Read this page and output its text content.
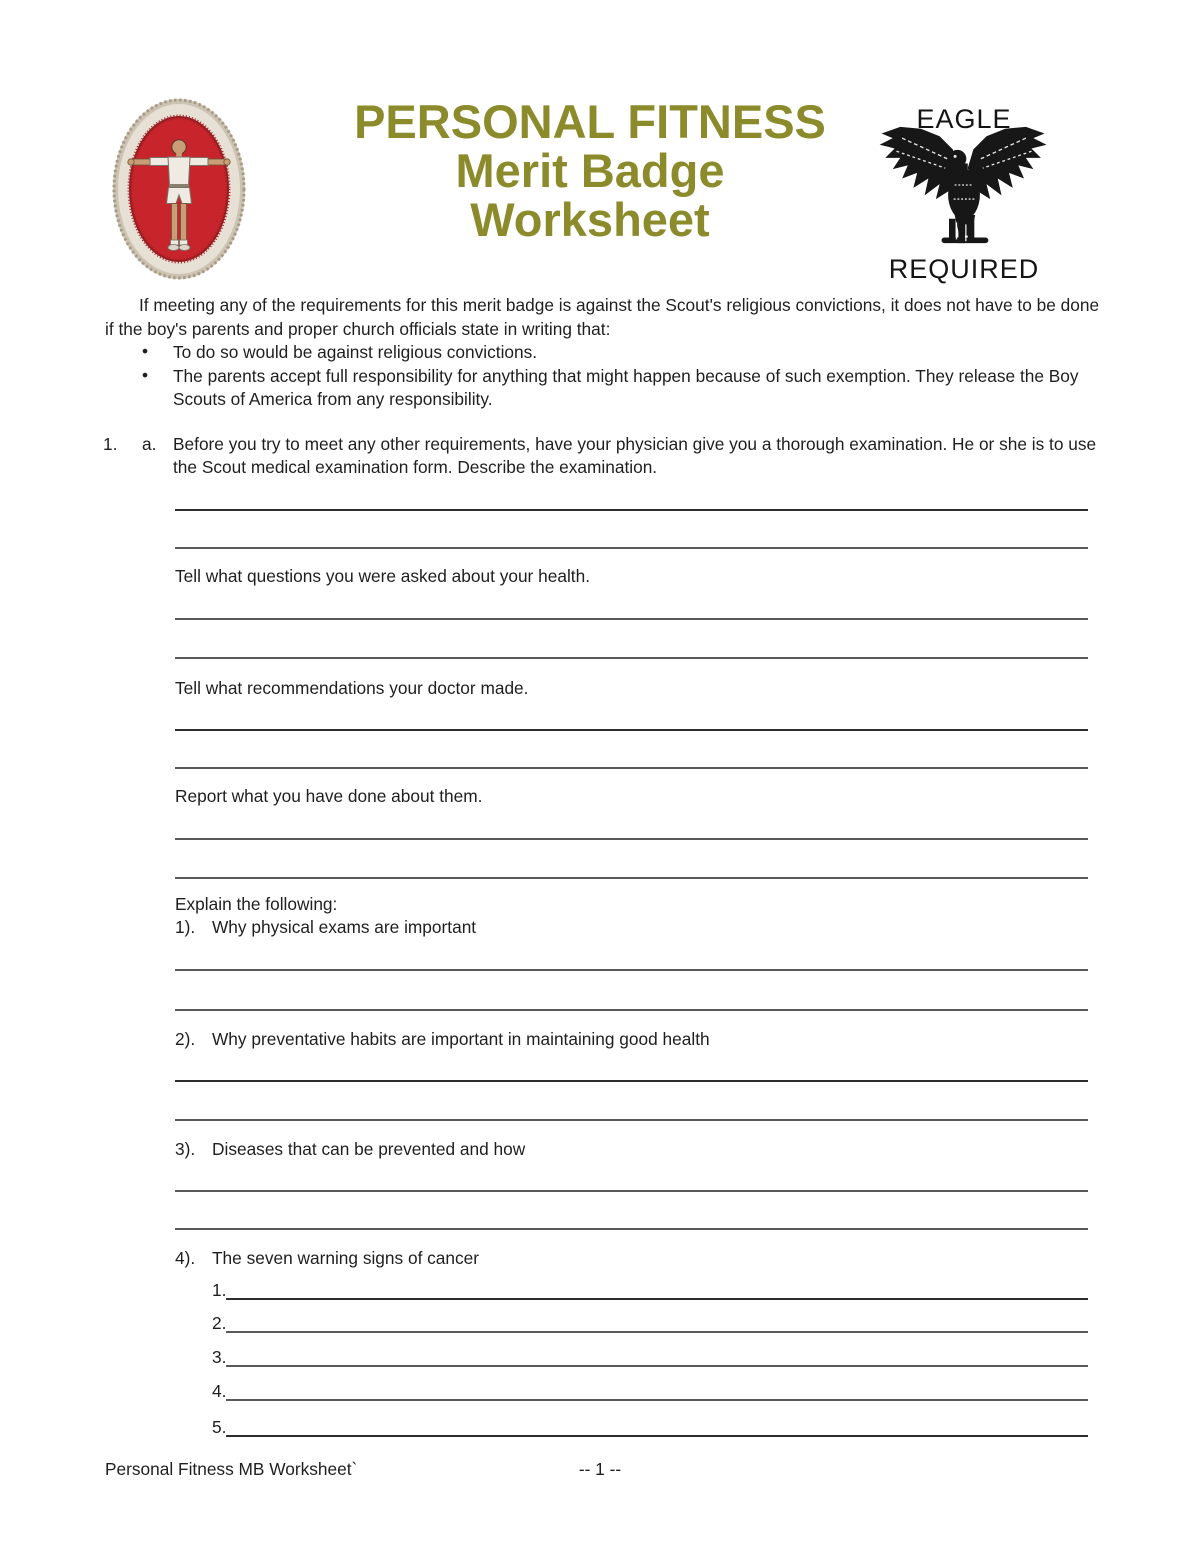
PERSONAL FITNESS
Merit Badge
Worksheet
EAGLE
REQUIRED

If meeting any of the requirements for this merit badge is against the Scout's religious convictions, it does not have to be done if the boy's parents and proper church officials state in writing that:

• To do so would be against religious convictions.
• The parents accept full responsibility for anything that might happen because of such exemption. They release the Boy Scouts of America from any responsibility.
1. a. Before you try to meet any other requirements, have your physician give you a thorough examination. He or she is to use the Scout medical examination form. Describe the examination.
Tell what questions you were asked about your health.
Tell what recommendations your doctor made.
Report what you have done about them.
Explain the following:
1). Why physical exams are important
2). Why preventative habits are important in maintaining good health
3). Diseases that can be prevented and how
4). The seven warning signs of cancer
1.
2.
3.
4.
5.
Personal Fitness MB Worksheet`	-- 1 --
